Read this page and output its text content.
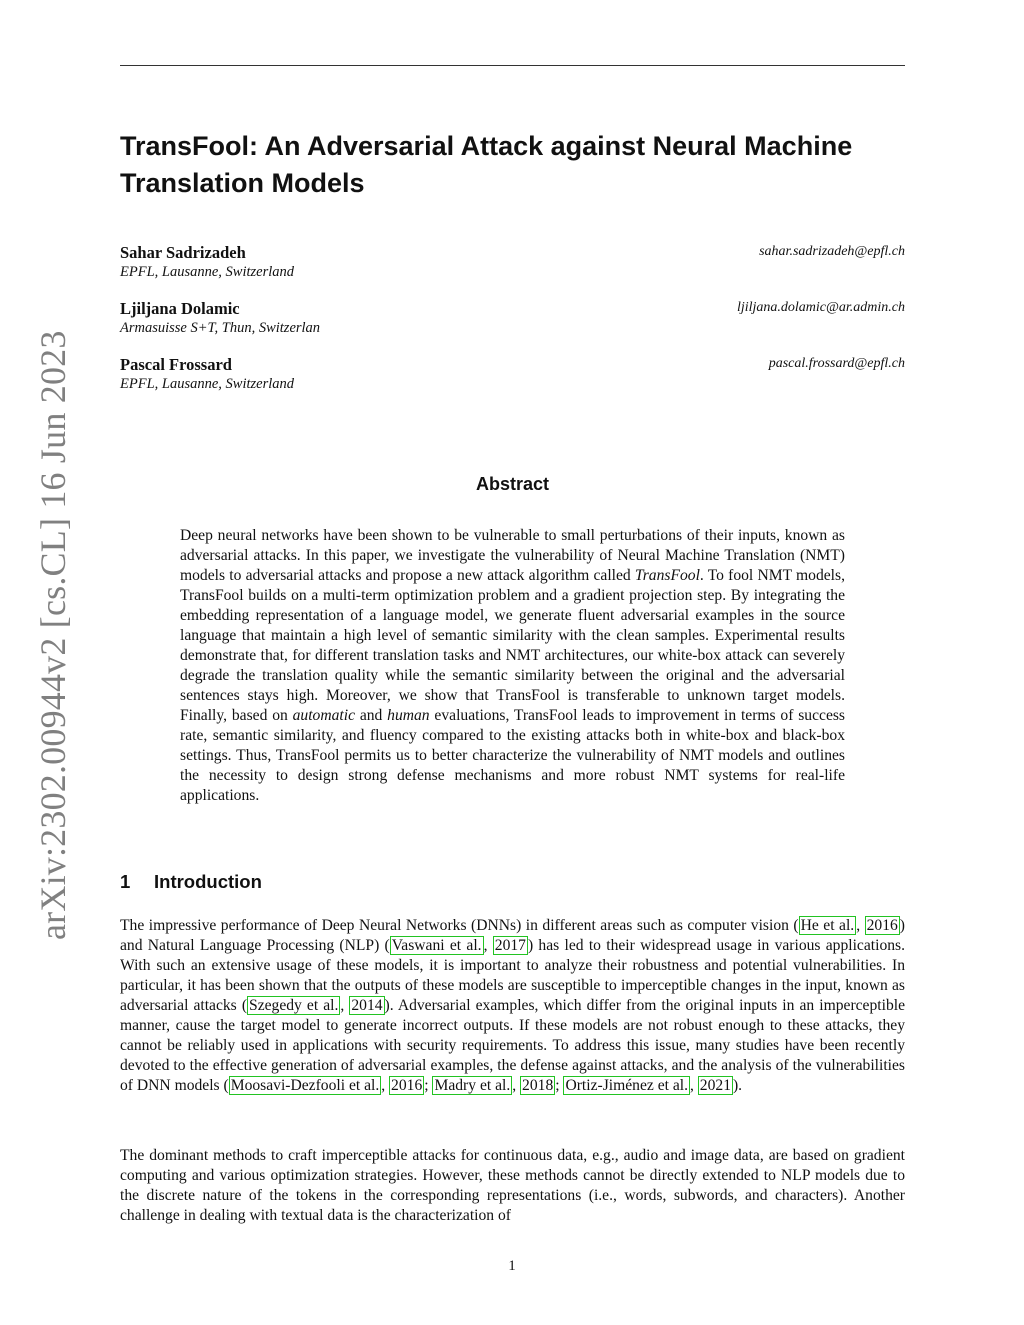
arXiv:2302.00944v2 [cs.CL] 16 Jun 2023
TransFool: An Adversarial Attack against Neural Machine Translation Models
Sahar Sadrizadeh
EPFL, Lausanne, Switzerland
sahar.sadrizadeh@epfl.ch
Ljiljana Dolamic
Armasuisse S+T, Thun, Switzerlan
ljiljana.dolamic@ar.admin.ch
Pascal Frossard
EPFL, Lausanne, Switzerland
pascal.frossard@epfl.ch
Abstract

Deep neural networks have been shown to be vulnerable to small perturbations of their inputs, known as adversarial attacks. In this paper, we investigate the vulnerability of Neural Machine Translation (NMT) models to adversarial attacks and propose a new attack algorithm called TransFool. To fool NMT models, TransFool builds on a multi-term optimization problem and a gradient projection step. By integrating the embedding representation of a language model, we generate fluent adversarial examples in the source language that maintain a high level of semantic similarity with the clean samples. Experimental results demonstrate that, for different translation tasks and NMT architectures, our white-box attack can severely degrade the translation quality while the semantic similarity between the original and the adversarial sentences stays high. Moreover, we show that TransFool is transferable to unknown target models. Finally, based on automatic and human evaluations, TransFool leads to improvement in terms of success rate, semantic similarity, and fluency compared to the existing attacks both in white-box and black-box settings. Thus, TransFool permits us to better characterize the vulnerability of NMT models and outlines the necessity to design strong defense mechanisms and more robust NMT systems for real-life applications.

1 Introduction

The impressive performance of Deep Neural Networks (DNNs) in different areas such as computer vision ( He et al. , 2016 ) and Natural Language Processing (NLP) ( Vaswani et al. , 2017 ) has led to their widespread usage in various applications. With such an extensive usage of these models, it is important to analyze their robustness and potential vulnerabilities. In particular, it has been shown that the outputs of these models are susceptible to imperceptible changes in the input, known as adversarial attacks ( Szegedy et al. , 2014 ). Adversarial examples, which differ from the original inputs in an imperceptible manner, cause the target model to generate incorrect outputs. If these models are not robust enough to these attacks, they cannot be reliably used in applications with security requirements. To address this issue, many studies have been recently devoted to the effective generation of adversarial examples, the defense against attacks, and the analysis of the vulnerabilities of DNN models ( Moosavi-Dezfooli et al. , 2016 ; Madry et al. , 2018 ; Ortiz-Jiménez et al. , 2021 ).

The dominant methods to craft imperceptible attacks for continuous data, e.g., audio and image data, are based on gradient computing and various optimization strategies. However, these methods cannot be directly extended to NLP models due to the discrete nature of the tokens in the corresponding representations (i.e., words, subwords, and characters). Another challenge in dealing with textual data is the characterization of

1
